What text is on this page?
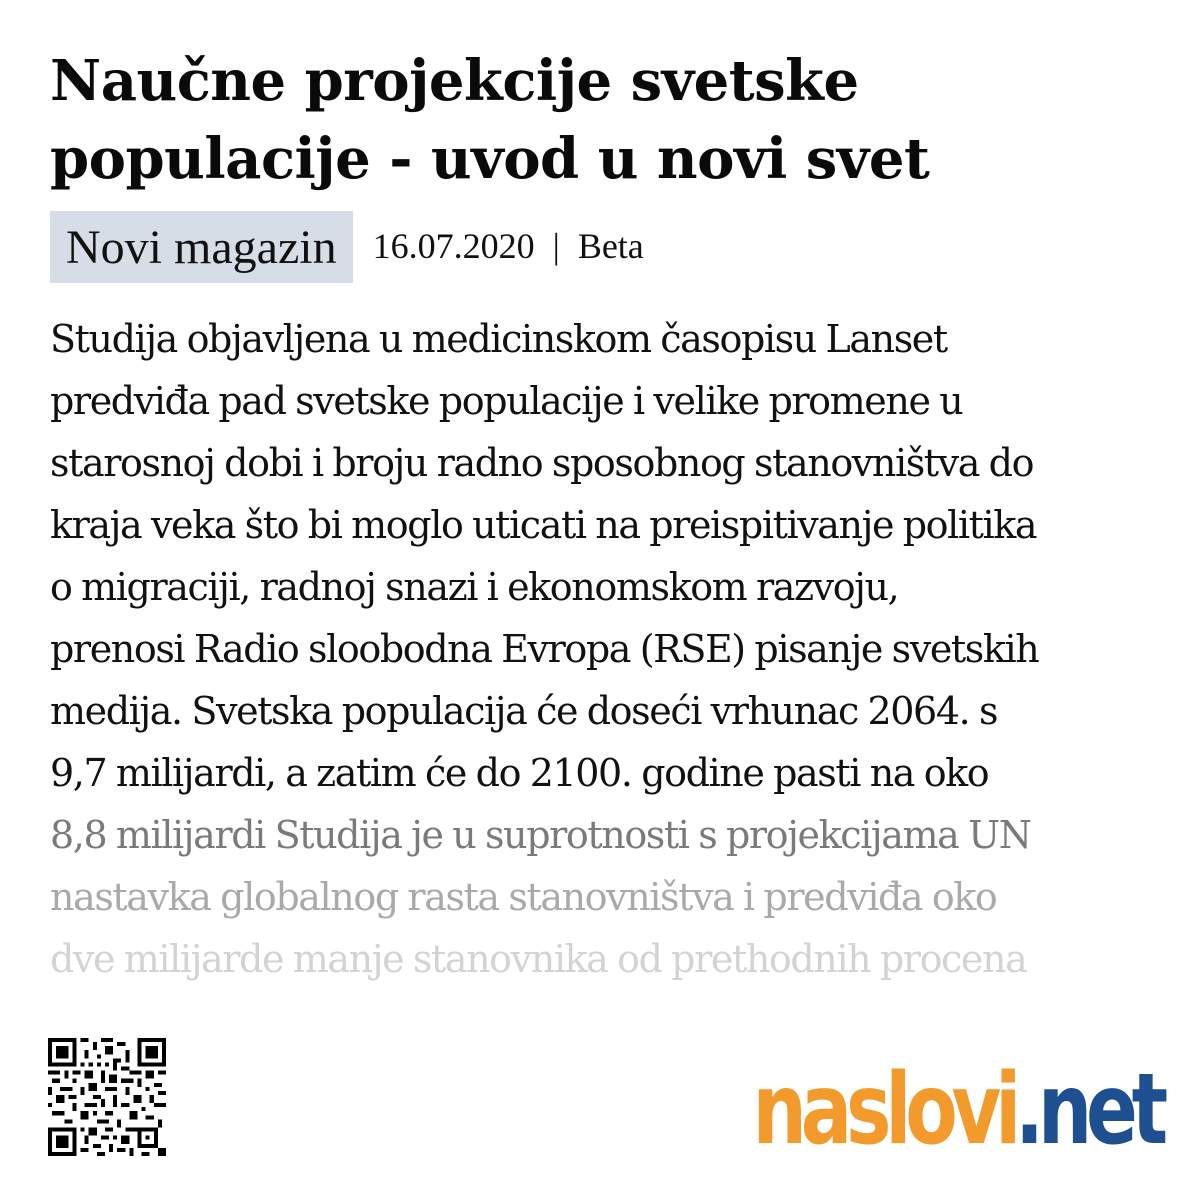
Naučne projekcije svetske populacije - uvod u novi svet
Novi magazin	16.07.2020 | Beta

Studija objavljena u medicinskom časopisu Lanset
predviđa pad svetske populacije i velike promene u
starosnoj dobi i broju radno sposobnog stanovništva do
kraja veka što bi moglo uticati na preispitivanje politika
o migraciji, radnoj snazi i ekonomskom razvoju,
prenosi Radio sloobodna Evropa (RSE) pisanje svetskih
medija. Svetska populacija će doseći vrhunac 2064. s
9,7 milijardi, a zatim će do 2100. godine pasti na oko
8,8 milijardi Studija je u suprotnosti s projekcijama UN
nastavka globalnog rasta stanovništva i predviđa oko
dve milijarde manje stanovnika od prethodnih procena

naslovi.net
